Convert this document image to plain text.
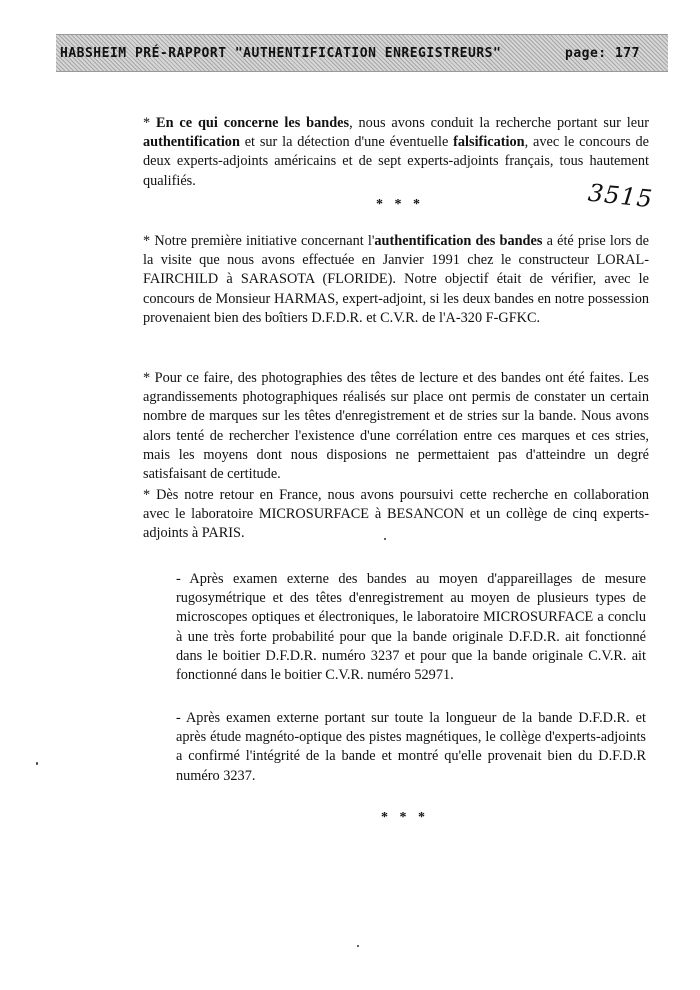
HABSHEIM PRÉ-RAPPORT "AUTHENTIFICATION ENREGISTREURS"	page: 177

* En ce qui concerne les bandes, nous avons conduit la recherche portant sur leur authentification et sur la détection d'une éventuelle falsification, avec le concours de deux experts-adjoints américains et de sept experts-adjoints français, tous hautement qualifiés.

* * *	3515

* Notre première initiative concernant l'authentification des bandes a été prise lors de la visite que nous avons effectuée en Janvier 1991 chez le constructeur LORAL-FAIRCHILD à SARASOTA (FLORIDE). Notre objectif était de vérifier, avec le concours de Monsieur HARMAS, expert-adjoint, si les deux bandes en notre possession provenaient bien des boîtiers D.F.D.R. et C.V.R. de l'A-320 F-GFKC.

* Pour ce faire, des photographies des têtes de lecture et des bandes ont été faites. Les agrandissements photographiques réalisés sur place ont permis de constater un certain nombre de marques sur les têtes d'enregistrement et de stries sur la bande. Nous avons alors tenté de rechercher l'existence d'une corrélation entre ces marques et ces stries, mais les moyens dont nous disposions ne permettaient pas d'atteindre un degré satisfaisant de certitude.

* Dès notre retour en France, nous avons poursuivi cette recherche en collaboration avec le laboratoire MICROSURFACE à BESANCON et un collège de cinq experts-adjoints à PARIS.

- Après examen externe des bandes au moyen d'appareillages de mesure rugosymétrique et des têtes d'enregistrement au moyen de plusieurs types de microscopes optiques et électroniques, le laboratoire MICROSURFACE a conclu à une très forte probabilité pour que la bande originale D.F.D.R. ait fonctionné dans le boitier D.F.D.R. numéro 3237 et pour que la bande originale C.V.R. ait fonctionné dans le boitier C.V.R. numéro 52971.

- Après examen externe portant sur toute la longueur de la bande D.F.D.R. et après étude magnéto-optique des pistes magnétiques, le collège d'experts-adjoints a confirmé l'intégrité de la bande et montré qu'elle provenait bien du D.F.D.R numéro 3237.

* * *
